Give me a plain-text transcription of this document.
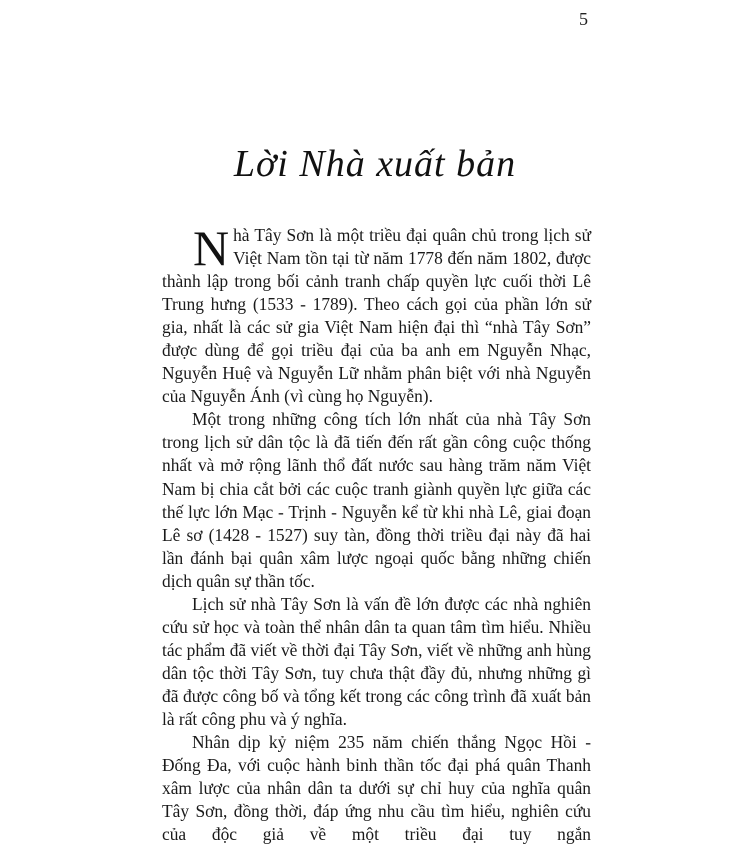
5
Lời Nhà xuất bản

Nhà Tây Sơn là một triều đại quân chủ trong lịch sử Việt Nam tồn tại từ năm 1778 đến năm 1802, được thành lập trong bối cảnh tranh chấp quyền lực cuối thời Lê Trung hưng (1533 - 1789). Theo cách gọi của phần lớn sử gia, nhất là các sử gia Việt Nam hiện đại thì “nhà Tây Sơn” được dùng để gọi triều đại của ba anh em Nguyễn Nhạc, Nguyễn Huệ và Nguyễn Lữ nhằm phân biệt với nhà Nguyễn của Nguyễn Ánh (vì cùng họ Nguyễn).

Một trong những công tích lớn nhất của nhà Tây Sơn trong lịch sử dân tộc là đã tiến đến rất gần công cuộc thống nhất và mở rộng lãnh thổ đất nước sau hàng trăm năm Việt Nam bị chia cắt bởi các cuộc tranh giành quyền lực giữa các thế lực lớn Mạc - Trịnh - Nguyễn kể từ khi nhà Lê, giai đoạn Lê sơ (1428 - 1527) suy tàn, đồng thời triều đại này đã hai lần đánh bại quân xâm lược ngoại quốc bằng những chiến dịch quân sự thần tốc.

Lịch sử nhà Tây Sơn là vấn đề lớn được các nhà nghiên cứu sử học và toàn thể nhân dân ta quan tâm tìm hiểu. Nhiều tác phẩm đã viết về thời đại Tây Sơn, viết về những anh hùng dân tộc thời Tây Sơn, tuy chưa thật đầy đủ, nhưng những gì đã được công bố và tổng kết trong các công trình đã xuất bản là rất công phu và ý nghĩa.

Nhân dịp kỷ niệm 235 năm chiến thắng Ngọc Hồi - Đống Đa, với cuộc hành binh thần tốc đại phá quân Thanh xâm lược của nhân dân ta dưới sự chỉ huy của nghĩa quân Tây Sơn, đồng thời, đáp ứng nhu cầu tìm hiểu, nghiên cứu của độc giả về một triều đại tuy ngắn
